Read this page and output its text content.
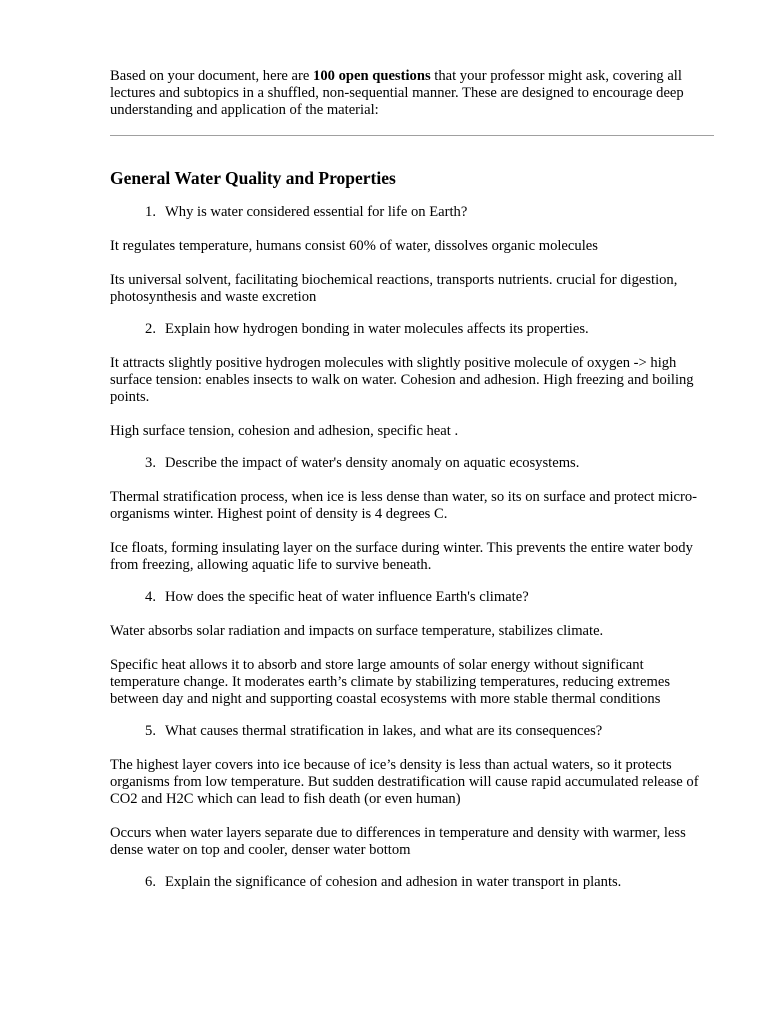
Based on your document, here are 100 open questions that your professor might ask, covering all lectures and subtopics in a shuffled, non-sequential manner. These are designed to encourage deep understanding and application of the material:

General Water Quality and Properties
1. Why is water considered essential for life on Earth?

It regulates temperature, humans consist 60% of water, dissolves organic molecules

Its universal solvent, facilitating biochemical reactions, transports nutrients. crucial for digestion, photosynthesis and waste excretion

2. Explain how hydrogen bonding in water molecules affects its properties.

It attracts slightly positive hydrogen molecules with slightly positive molecule of oxygen -> high surface tension: enables insects to walk on water. Cohesion and adhesion. High freezing and boiling points.

High surface tension, cohesion and adhesion, specific heat .

3. Describe the impact of water's density anomaly on aquatic ecosystems.

Thermal stratification process, when ice is less dense than water, so its on surface and protect micro-organisms winter. Highest point of density is 4 degrees C.

Ice floats, forming insulating layer on the surface during winter. This prevents the entire water body from freezing, allowing aquatic life to survive beneath.

4. How does the specific heat of water influence Earth's climate?

Water absorbs solar radiation and impacts on surface temperature, stabilizes climate.

Specific heat allows it to absorb and store large amounts of solar energy without significant temperature change. It moderates earth’s climate by stabilizing temperatures, reducing extremes between day and night and supporting coastal ecosystems with more stable thermal conditions

5. What causes thermal stratification in lakes, and what are its consequences?

The highest layer covers into ice because of ice’s density is less than actual waters, so it protects organisms from low temperature. But sudden destratification will cause rapid accumulated release of CO2 and H2C which can lead to fish death (or even human)

Occurs when water layers separate due to differences in temperature and density with warmer, less dense water on top and cooler, denser water bottom

6. Explain the significance of cohesion and adhesion in water transport in plants.
